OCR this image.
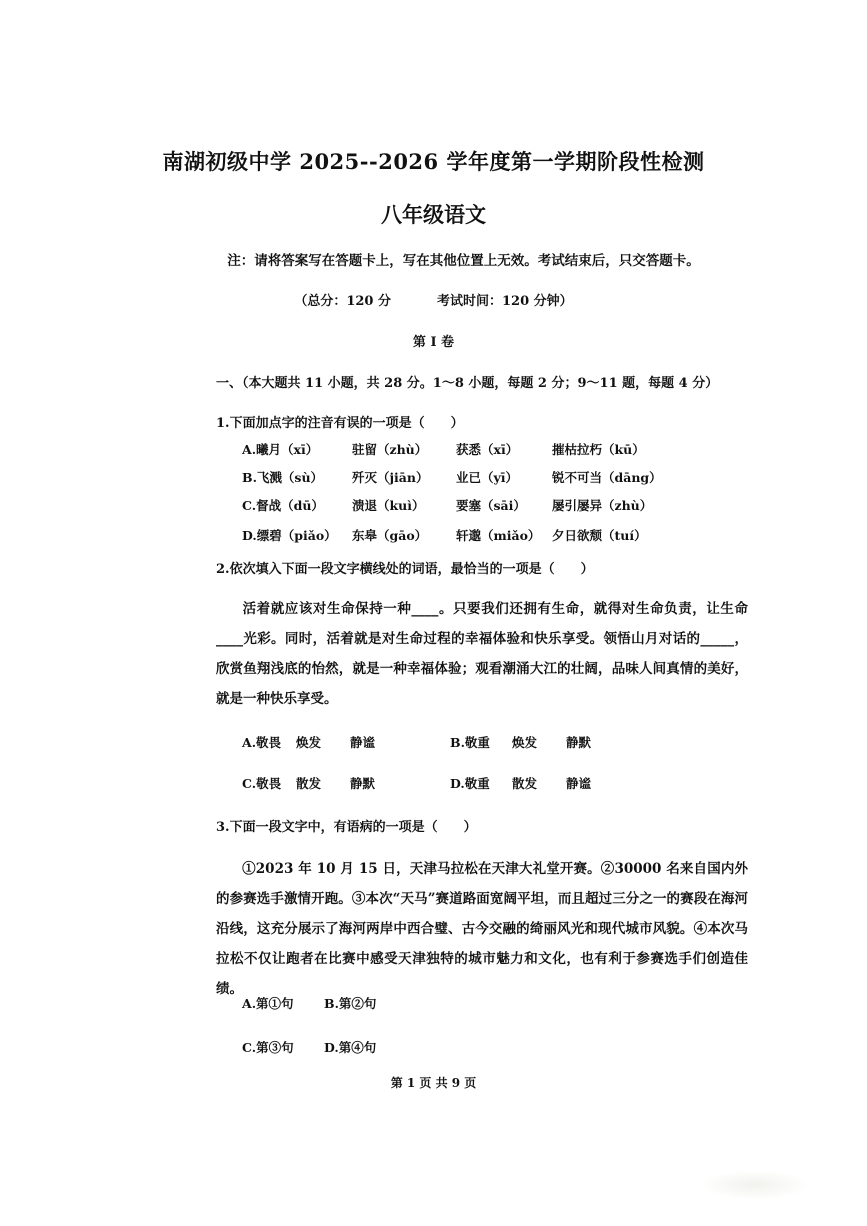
南湖初级中学 2025--2026 学年度第一学期阶段性检测
八年级语文
注：请将答案写在答题卡上，写在其他位置上无效。考试结束后，只交答题卡。
（总分：120 分	考试时间：120 分钟）
第 I 卷
一、（本大题共 11 小题，共 28 分。1～8 小题，每题 2 分；9～11 题，每题 4 分）
1.下面加点字的注音有误的一项是（　　）
A.曦月（xī）	驻留（zhù） 获悉（xī）	摧枯拉朽（kū）
B.飞溅（sù） 歼灭（jiān） 业已（yī）	锐不可当（dāng）
C.督战（dū） 溃退（kuì）	要塞（sāi） 屡引屡异（zhù）
D.缥碧（piǎo） 东皋（gāo） 轩邈（miǎo） 夕日欲颓（tuí）
2.依次填入下面一段文字横线处的词语，最恰当的一项是（　　）
活着就应该对生命保持一种____。只要我们还拥有生命，就得对生命负责，让生命____光彩。同时，活着就是对生命过程的幸福体验和快乐享受。领悟山月对话的_____，欣赏鱼翔浅底的怡然，就是一种幸福体验；观看潮涌大江的壮阔，品味人间真情的美好，就是一种快乐享受。
A.敬畏 焕发 静谧	B.敬重 焕发 静默
C.敬畏 散发 静默	D.敬重 散发 静谧
3.下面一段文字中，有语病的一项是（　　）
①2023 年 10 月 15 日，天津马拉松在天津大礼堂开赛。②30000 名来自国内外的参赛选手激情开跑。③本次“天马”赛道路面宽阔平坦，而且超过三分之一的赛段在海河沿线，这充分展示了海河两岸中西合璧、古今交融的绮丽风光和现代城市风貌。④本次马拉松不仅让跑者在比赛中感受天津独特的城市魅力和文化，也有利于参赛选手们创造佳绩。
A.第①句 B.第②句
C.第③句 D.第④句
第 1 页 共 9 页
